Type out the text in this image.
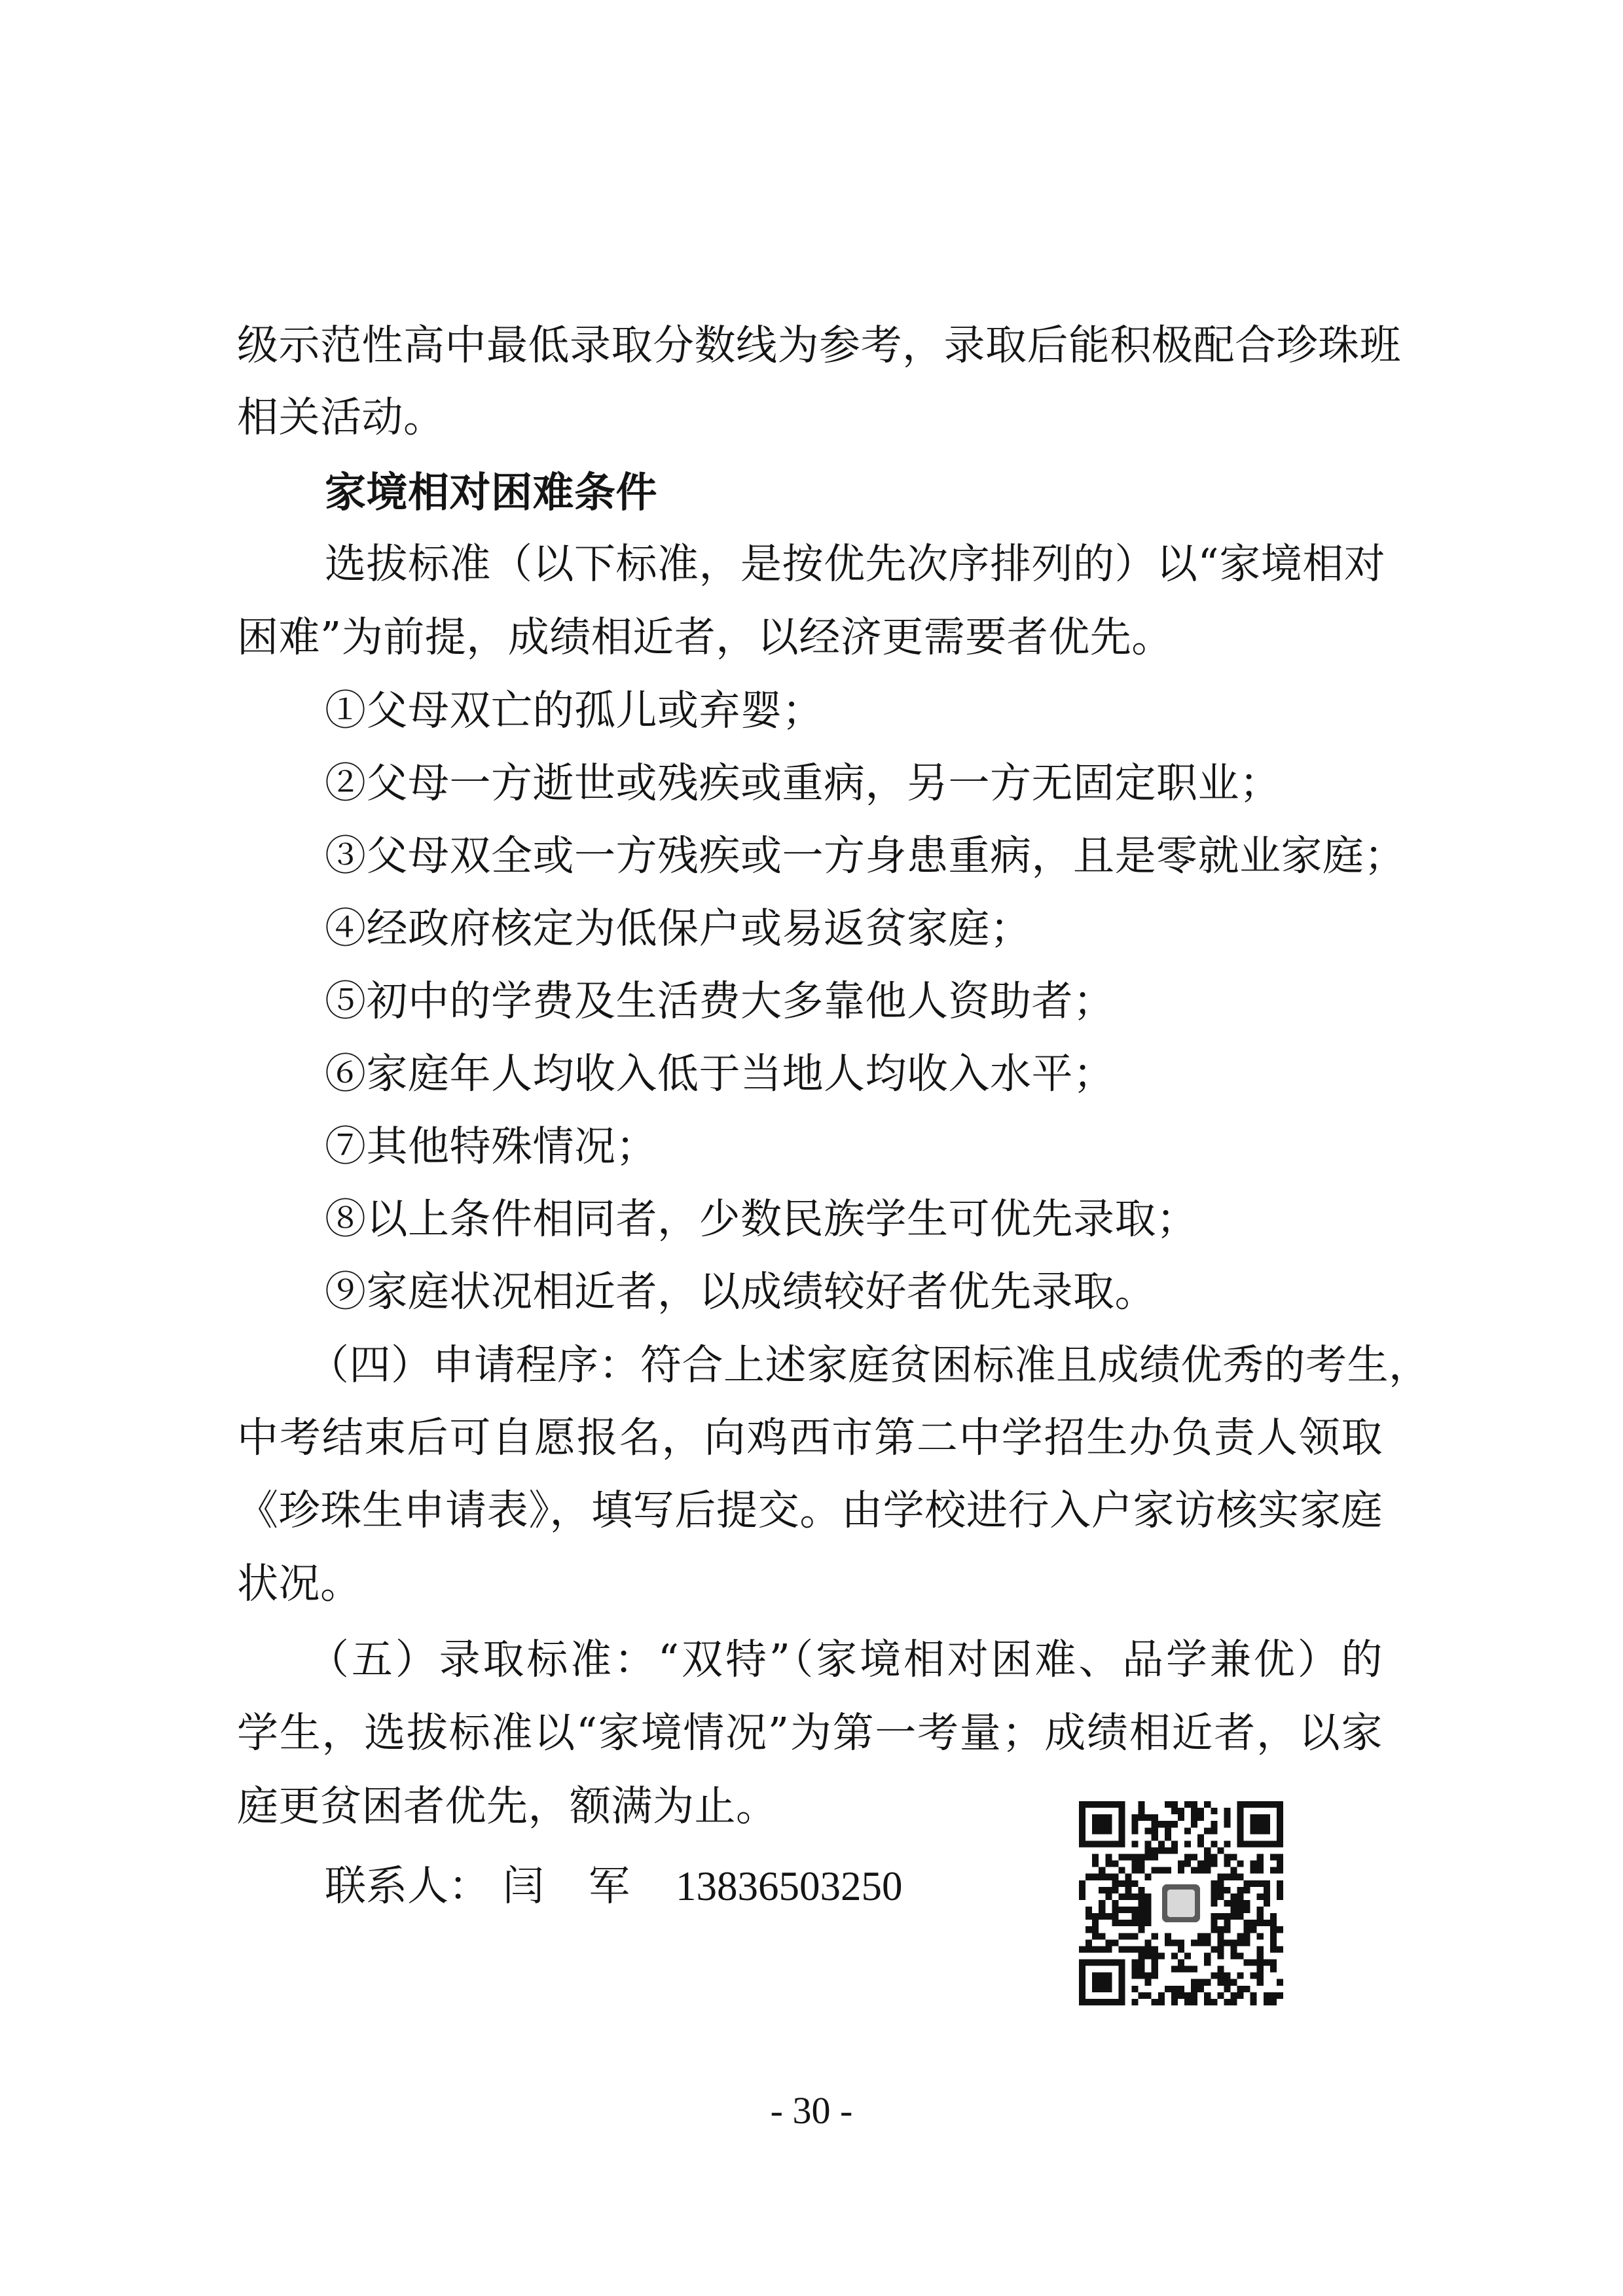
级示范性高中最低录取分数线为参考，录取后能积极配合珍珠班
相关活动。
家境相对困难条件
选拔标准（以下标准，是按优先次序排列的）以“家境相对
困难”为前提，成绩相近者，以经济更需要者优先。
①父母双亡的孤儿或弃婴；
②父母一方逝世或残疾或重病，另一方无固定职业；
③父母双全或一方残疾或一方身患重病，且是零就业家庭；
④经政府核定为低保户或易返贫家庭；
⑤初中的学费及生活费大多靠他人资助者；
⑥家庭年人均收入低于当地人均收入水平；
⑦其他特殊情况；
⑧以上条件相同者，少数民族学生可优先录取；
⑨家庭状况相近者，以成绩较好者优先录取。
（四）申请程序：符合上述家庭贫困标准且成绩优秀的考生，
中考结束后可自愿报名，向鸡西市第二中学招生办负责人领取
《珍珠生申请表》，填写后提交。由学校进行入户家访核实家庭
状况。
（五）录取标准：“双特”（家境相对困难、品学兼优）的
学生，选拔标准以“家境情况”为第一考量；成绩相近者，以家
庭更贫困者优先，额满为止。
联系人： 闫 军 13836503250
- 30 -
